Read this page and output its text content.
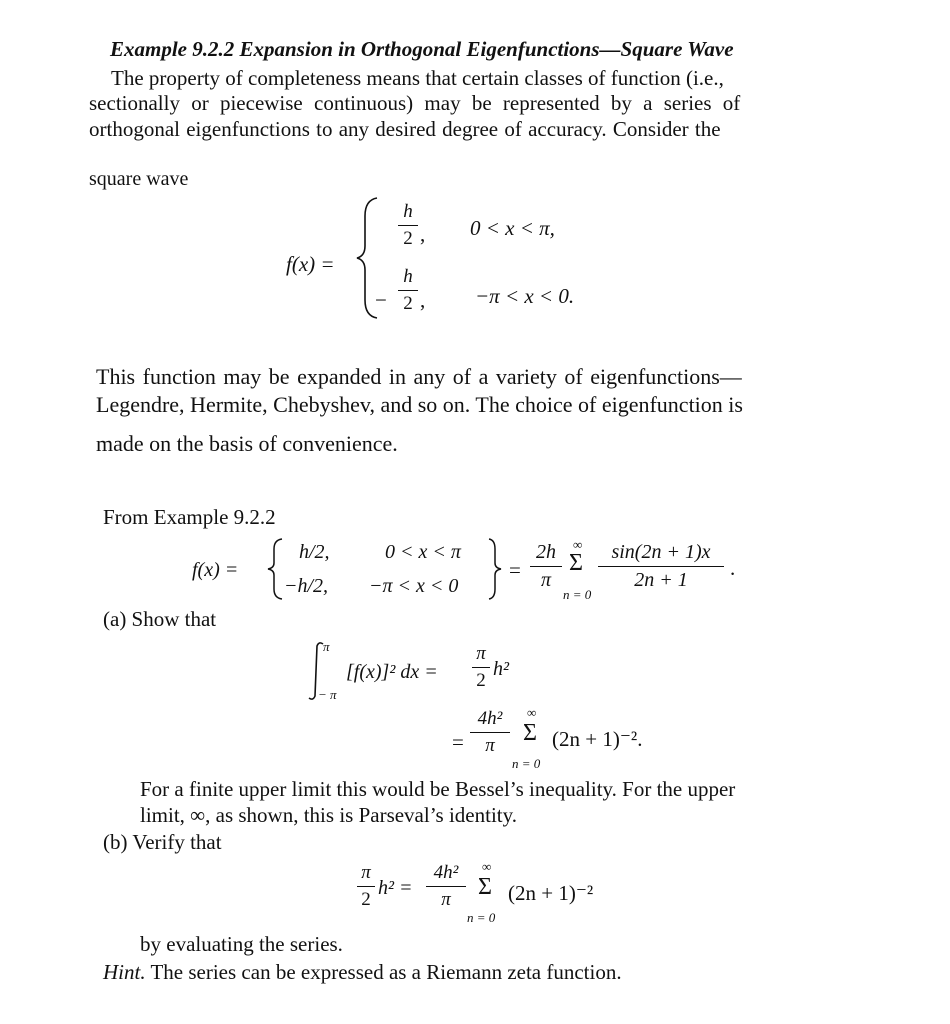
Example 9.2.2 Expansion in Orthogonal Eigenfunctions—Square Wave
The property of completeness means that certain classes of function (i.e.,
sectionally or piecewise continuous) may be represented by a series of
orthogonal eigenfunctions to any desired degree of accuracy. Consider the
square wave
f(x) =
h
2 , 0 < x < π,
−
h
2 , −π < x < 0.
This function may be expanded in any of a variety of eigenfunctions—
Legendre, Hermite, Chebyshev, and so on. The choice of eigenfunction is
made on the basis of convenience.
From Example 9.2.2
f(x) =
h/2,
−h/2,
0 < x < π
−π < x < 0
=
2h
π
∞
Σ
n = 0
sin(2n + 1)x
2n + 1	.
(a) Show that
π
− π
[f(x)]² dx =
π
2
h²
=
4h²
π
∞
Σ
n = 0
(2n + 1)⁻².
For a finite upper limit this would be Bessel’s inequality. For the upper
limit, ∞, as shown, this is Parseval’s identity.
(b) Verify that
π
2
h² =
4h²
π
∞
Σ
n = 0
(2n + 1)⁻²
by evaluating the series.
Hint. The series can be expressed as a Riemann zeta function.
